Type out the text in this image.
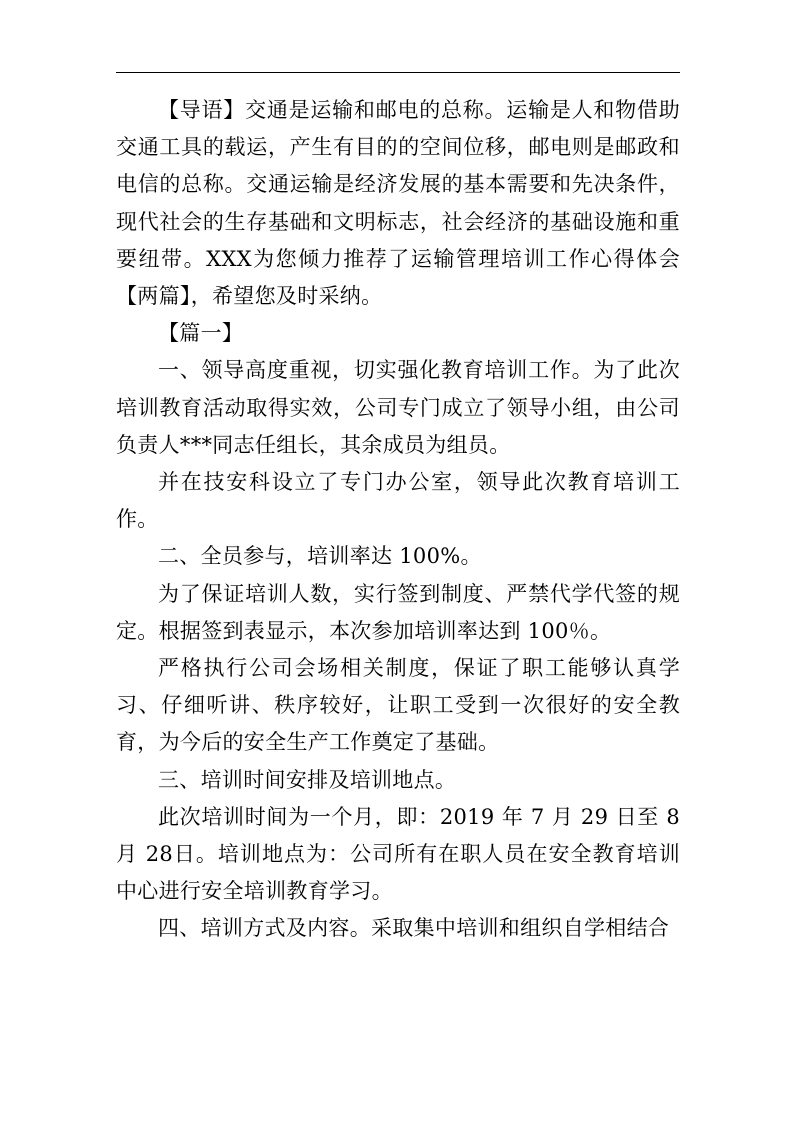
【导语】交通是运输和邮电的总称。运输是人和物借助交通工具的载运，产生有目的的空间位移，邮电则是邮政和电信的总称。交通运输是经济发展的基本需要和先决条件，现代社会的生存基础和文明标志，社会经济的基础设施和重要纽带。XXX为您倾力推荐了运输管理培训工作心得体会【两篇】，希望您及时采纳。

【篇一】

一、领导高度重视，切实强化教育培训工作。为了此次培训教育活动取得实效，公司专门成立了领导小组，由公司负责人***同志任组长，其余成员为组员。

并在技安科设立了专门办公室，领导此次教育培训工作。

二、全员参与，培训率达 100%。

为了保证培训人数，实行签到制度、严禁代学代签的规定。根据签到表显示，本次参加培训率达到 100％。

严格执行公司会场相关制度，保证了职工能够认真学习、仔细听讲、秩序较好，让职工受到一次很好的安全教育，为今后的安全生产工作奠定了基础。

三、培训时间安排及培训地点。

此次培训时间为一个月，即：2019 年 7 月 29 日至 8 月 28日。培训地点为：公司所有在职人员在安全教育培训中心进行安全培训教育学习。

四、培训方式及内容。采取集中培训和组织自学相结合
